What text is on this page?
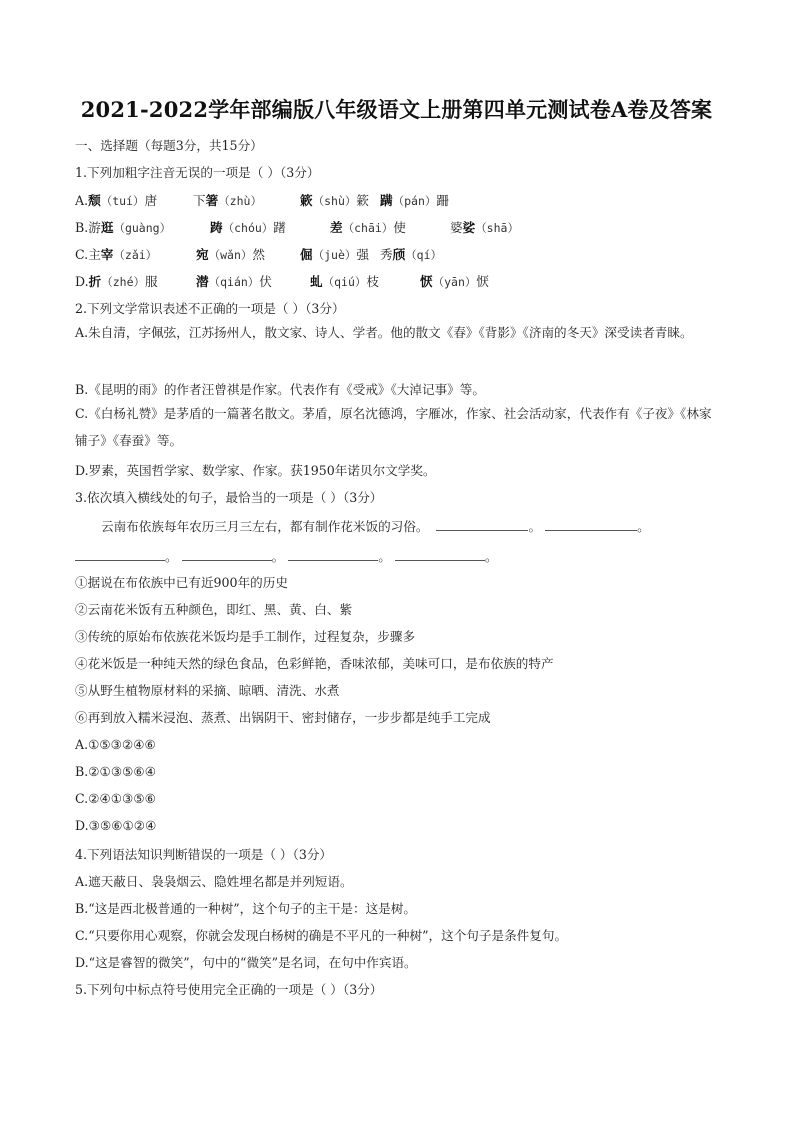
2021-2022学年部编版八年级语文上册第四单元测试卷A卷及答案
一、选择题（每题3分，共15分）
1.下列加粗字注音无误的一项是（ ）（3分）
A.颓（tuí）唐	下箸（zhù）	簌（shù）簌 蹒（pán）跚
B.游逛（guàng）	踌（chóu）躇	差（chāi）使	婆娑（shā）
C.主宰（zǎi）	宛（wǎn）然	倔（juè）强 秀颀（qí）
D.折（zhé）服	潜（qián）伏	虬（qiú）枝	恹（yān）恹
2.下列文学常识表述不正确的一项是（ ）（3分）
A.朱自清，字佩弦，江苏扬州人，散文家、诗人、学者。他的散文《春》《背影》《济南的冬天》深受读者青睐。
B.《昆明的雨》的作者汪曾祺是作家。代表作有《受戒》《大淖记事》等。
C.《白杨礼赞》是茅盾的一篇著名散文。茅盾，原名沈德鸿，字雁冰，作家、社会活动家，代表作有《子夜》《林家铺子》《春蚕》等。
D.罗素，英国哲学家、数学家、作家。获1950年诺贝尔文学奖。
3.依次填入横线处的句子，最恰当的一项是（ ）（3分）
云南布依族每年农历三月三左右，都有制作花米饭的习俗。	。	。
。	。	。	。
①据说在布依族中已有近900年的历史
②云南花米饭有五种颜色，即红、黑、黄、白、紫
③传统的原始布依族花米饭均是手工制作，过程复杂，步骤多
④花米饭是一种纯天然的绿色食品，色彩鲜艳，香味浓郁，美味可口，是布依族的特产
⑤从野生植物原材料的采摘、晾晒、清洗、水煮
⑥再到放入糯米浸泡、蒸煮、出锅阴干、密封储存，一步步都是纯手工完成
A.①⑤③②④⑥
B.②①③⑤⑥④
C.②④①③⑤⑥
D.③⑤⑥①②④
4.下列语法知识判断错误的一项是（ ）（3分）
A.遮天蔽日、袅袅烟云、隐姓埋名都是并列短语。
B.“这是西北极普通的一种树”，这个句子的主干是：这是树。
C.“只要你用心观察，你就会发现白杨树的确是不平凡的一种树”，这个句子是条件复句。
D.“这是睿智的微笑”，句中的“微笑”是名词，在句中作宾语。
5.下列句中标点符号使用完全正确的一项是（ ）（3分）
